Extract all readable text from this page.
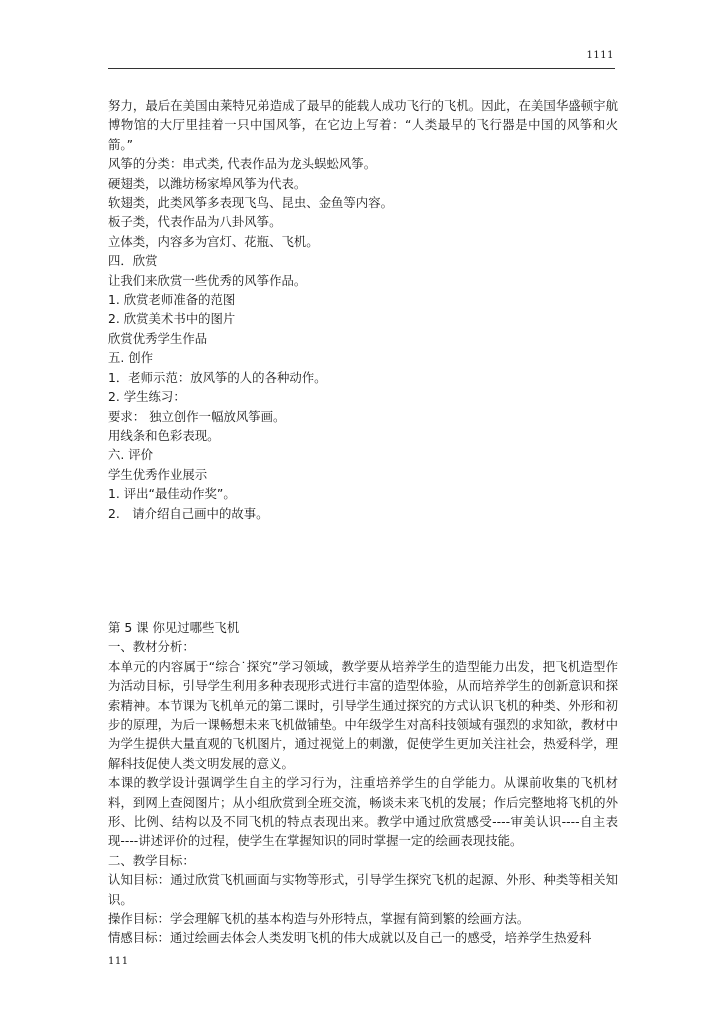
1111

努力，最后在美国由莱特兄弟造成了最早的能载人成功飞行的飞机。因此，在美国华盛顿宇航博物馆的大厅里挂着一只中国风筝，在它边上写着：“人类最早的飞行器是中国的风筝和火箭。”

风筝的分类：串式类, 代表作品为龙头蜈蚣风筝。

硬翅类，以潍坊杨家埠风筝为代表。

软翅类，此类风筝多表现飞鸟、昆虫、金鱼等内容。

板子类，代表作品为八卦风筝。

立体类，内容多为宫灯、花瓶、飞机。

四．欣赏

让我们来欣赏一些优秀的风筝作品。

1. 欣赏老师准备的范图

2. 欣赏美术书中的图片

欣赏优秀学生作品

五. 创作

1．老师示范：放风筝的人的各种动作。

2. 学生练习：

要求： 独立创作一幅放风筝画。

用线条和色彩表现。

六. 评价

学生优秀作业展示

1. 评出“最佳动作奖”。

2.　请介绍自己画中的故事。

第 5 课 你见过哪些飞机

一、教材分析：

本单元的内容属于“综合˙探究”学习领域，教学要从培养学生的造型能力出发，把飞机造型作为活动目标，引导学生利用多种表现形式进行丰富的造型体验，从而培养学生的创新意识和探索精神。本节课为飞机单元的第二课时，引导学生通过探究的方式认识飞机的种类、外形和初步的原理，为后一课畅想未来飞机做铺垫。中年级学生对高科技领域有强烈的求知欲，教材中为学生提供大量直观的飞机图片，通过视觉上的刺激，促使学生更加关注社会，热爱科学，理解科技促使人类文明发展的意义。

本课的教学设计强调学生自主的学习行为，注重培养学生的自学能力。从课前收集的飞机材料，到网上查阅图片；从小组欣赏到全班交流，畅谈未来飞机的发展；作后完整地将飞机的外形、比例、结构以及不同飞机的特点表现出来。教学中通过欣赏感受----审美认识----自主表现----讲述评价的过程，使学生在掌握知识的同时掌握一定的绘画表现技能。

二、教学目标：

认知目标：通过欣赏飞机画面与实物等形式，引导学生探究飞机的起源、外形、种类等相关知识。

操作目标：学会理解飞机的基本构造与外形特点，掌握有简到繁的绘画方法。

情感目标：通过绘画去体会人类发明飞机的伟大成就以及自己一的感受，培养学生热爱科

111
